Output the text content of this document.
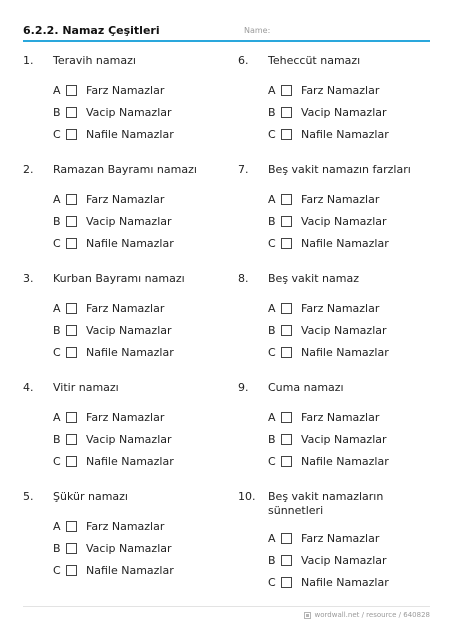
6.2.2. Namaz Çeşitleri	Name:
1. Teravih namazı
A	Farz Namazlar
B	Vacip Namazlar
C	Nafile Namazlar
2. Ramazan Bayramı namazı
A	Farz Namazlar
B	Vacip Namazlar
C	Nafile Namazlar
3. Kurban Bayramı namazı
A	Farz Namazlar
B	Vacip Namazlar
C	Nafile Namazlar
4. Vitir namazı
A	Farz Namazlar
B	Vacip Namazlar
C	Nafile Namazlar
5. Şükür namazı
A	Farz Namazlar
B	Vacip Namazlar
C	Nafile Namazlar
6. Teheccüt namazı
A	Farz Namazlar
B	Vacip Namazlar
C	Nafile Namazlar
7. Beş vakit namazın farzları
A	Farz Namazlar
B	Vacip Namazlar
C	Nafile Namazlar
8. Beş vakit namaz
A	Farz Namazlar
B	Vacip Namazlar
C	Nafile Namazlar
9. Cuma namazı
A	Farz Namazlar
B	Vacip Namazlar
C	Nafile Namazlar
10. Beş vakit namazların sünnetleri
A	Farz Namazlar
B	Vacip Namazlar
C	Nafile Namazlar
wordwall.net / resource / 640828
